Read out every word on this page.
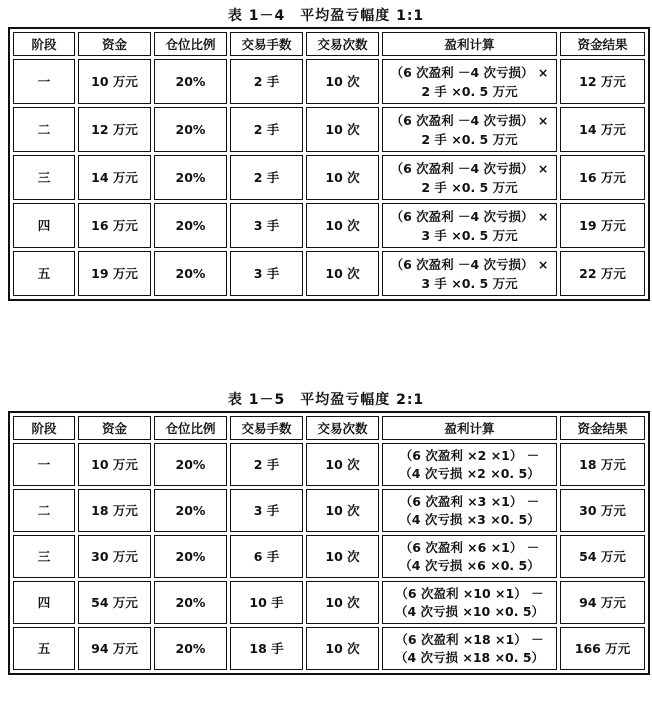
表 1－4　平均盈亏幅度 1:1
阶段	资金	仓位比例	交易手数	交易次数	盈利计算	资金结果
一	10 万元	20%	2 手	10 次	（6 次盈利 －4 次亏损） ×
2 手 ×0. 5 万元	12 万元
二	12 万元	20%	2 手	10 次	（6 次盈利 －4 次亏损） ×
2 手 ×0. 5 万元	14 万元
三	14 万元	20%	2 手	10 次	（6 次盈利 －4 次亏损） ×
2 手 ×0. 5 万元	16 万元
四	16 万元	20%	3 手	10 次	（6 次盈利 －4 次亏损） ×
3 手 ×0. 5 万元	19 万元
五	19 万元	20%	3 手	10 次	（6 次盈利 －4 次亏损） ×
3 手 ×0. 5 万元	22 万元
表 1－5　平均盈亏幅度 2:1
阶段	资金	仓位比例	交易手数	交易次数	盈利计算	资金结果
一	10 万元	20%	2 手	10 次	（6 次盈利 ×2 ×1） －
（4 次亏损 ×2 ×0. 5）	18 万元
二	18 万元	20%	3 手	10 次	（6 次盈利 ×3 ×1） －
（4 次亏损 ×3 ×0. 5）	30 万元
三	30 万元	20%	6 手	10 次	（6 次盈利 ×6 ×1） －
（4 次亏损 ×6 ×0. 5）	54 万元
四	54 万元	20%	10 手	10 次	（6 次盈利 ×10 ×1） －
（4 次亏损 ×10 ×0. 5）	94 万元
五	94 万元	20%	18 手	10 次	（6 次盈利 ×18 ×1） －
（4 次亏损 ×18 ×0. 5）	166 万元
